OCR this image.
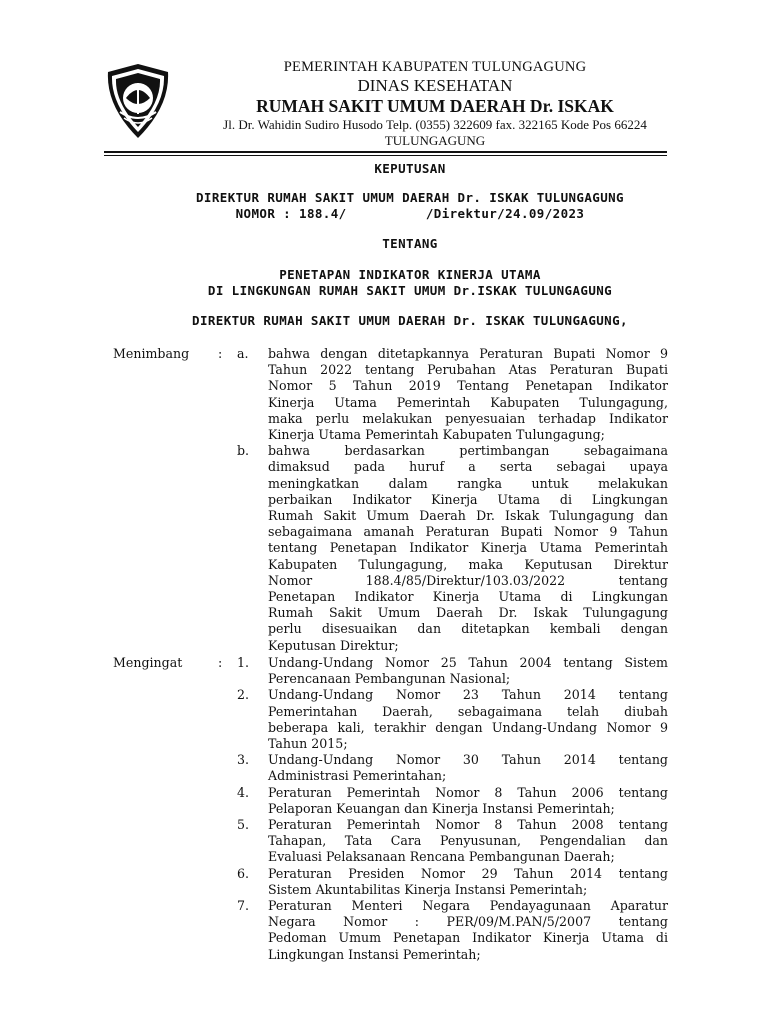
PEMERINTAH KABUPATEN TULUNGAGUNG
DINAS KESEHATAN
RUMAH SAKIT UMUM DAERAH Dr. ISKAK
Jl. Dr. Wahidin Sudiro Husodo Telp. (0355) 322609 fax. 322165 Kode Pos 66224
TULUNGAGUNG
KEPUTUSAN
DIREKTUR RUMAH SAKIT UMUM DAERAH Dr. ISKAK TULUNGAGUNG
NOMOR : 188.4/          /Direktur/24.09/2023
TENTANG
PENETAPAN INDIKATOR KINERJA UTAMA
DI LINGKUNGAN RUMAH SAKIT UMUM Dr.ISKAK TULUNGAGUNG
DIREKTUR RUMAH SAKIT UMUM DAERAH Dr. ISKAK TULUNGAGUNG,
Menimbang	: a.	bahwa dengan ditetapkannya Peraturan Bupati Nomor 9
Tahun 2022 tentang Perubahan Atas Peraturan Bupati
Nomor 5 Tahun 2019 Tentang Penetapan Indikator
Kinerja Utama Pemerintah Kabupaten Tulungagung,
maka perlu melakukan penyesuaian terhadap Indikator
Kinerja Utama Pemerintah Kabupaten Tulungagung;
b.	bahwa berdasarkan pertimbangan sebagaimana
dimaksud pada huruf a serta sebagai upaya
meningkatkan dalam rangka untuk melakukan
perbaikan Indikator Kinerja Utama di Lingkungan
Rumah Sakit Umum Daerah Dr. Iskak Tulungagung dan
sebagaimana amanah Peraturan Bupati Nomor 9 Tahun
tentang Penetapan Indikator Kinerja Utama Pemerintah
Kabupaten Tulungagung, maka Keputusan Direktur
Nomor 188.4/85/Direktur/103.03/2022 tentang
Penetapan Indikator Kinerja Utama di Lingkungan
Rumah Sakit Umum Daerah Dr. Iskak Tulungagung
perlu disesuaikan dan ditetapkan kembali dengan
Keputusan Direktur;
Mengingat	: 1.	Undang-Undang Nomor 25 Tahun 2004 tentang Sistem
Perencanaan Pembangunan Nasional;
2.	Undang-Undang Nomor 23 Tahun 2014 tentang
Pemerintahan Daerah, sebagaimana telah diubah
beberapa kali, terakhir dengan Undang-Undang Nomor 9
Tahun 2015;
3.	Undang-Undang Nomor 30 Tahun 2014 tentang
Administrasi Pemerintahan;
4.	Peraturan Pemerintah Nomor 8 Tahun 2006 tentang
Pelaporan Keuangan dan Kinerja Instansi Pemerintah;
5.	Peraturan Pemerintah Nomor 8 Tahun 2008 tentang
Tahapan, Tata Cara Penyusunan, Pengendalian dan
Evaluasi Pelaksanaan Rencana Pembangunan Daerah;
6.	Peraturan Presiden Nomor 29 Tahun 2014 tentang
Sistem Akuntabilitas Kinerja Instansi Pemerintah;
7.	Peraturan Menteri Negara Pendayagunaan Aparatur
Negara Nomor : PER/09/M.PAN/5/2007 tentang
Pedoman Umum Penetapan Indikator Kinerja Utama di
Lingkungan Instansi Pemerintah;
